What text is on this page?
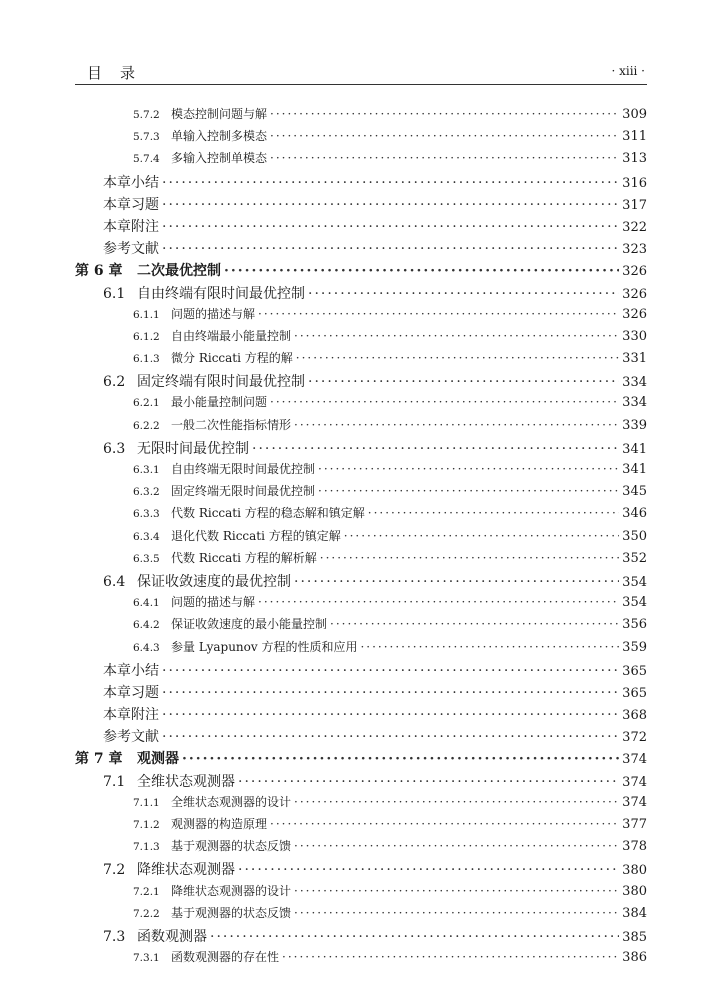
目录	· xiii ·
5.7.2 模态控制问题与解 ·····	309
5.7.3 单输入控制多模态 ·····	311
5.7.4 多输入控制单模态 ·····	313
本章小结 ·····	316
本章习题 ·····	317
本章附注 ·····	322
参考文献 ·····	323
第 6 章	二次最优控制 ·····	326
6.1 自由终端有限时间最优控制 ·····	326
6.1.1 问题的描述与解 ·····	326
6.1.2 自由终端最小能量控制 ·····	330
6.1.3 微分 Riccati 方程的解 ·····	331
6.2 固定终端有限时间最优控制 ·····	334
6.2.1 最小能量控制问题 ·····	334
6.2.2 一般二次性能指标情形 ·····	339
6.3 无限时间最优控制 ·····	341
6.3.1 自由终端无限时间最优控制 ·····	341
6.3.2 固定终端无限时间最优控制 ·····	345
6.3.3 代数 Riccati 方程的稳态解和镇定解 ·····	346
6.3.4 退化代数 Riccati 方程的镇定解 ·····	350
6.3.5 代数 Riccati 方程的解析解 ·····	352
6.4 保证收敛速度的最优控制 ·····	354
6.4.1 问题的描述与解 ·····	354
6.4.2 保证收敛速度的最小能量控制 ·····	356
6.4.3 参量 Lyapunov 方程的性质和应用 ·····	359
本章小结 ·····	365
本章习题 ·····	365
本章附注 ·····	368
参考文献 ·····	372
第 7 章	观测器 ·····	374
7.1 全维状态观测器 ·····	374
7.1.1 全维状态观测器的设计 ·····	374
7.1.2 观测器的构造原理 ·····	377
7.1.3 基于观测器的状态反馈 ·····	378
7.2 降维状态观测器 ·····	380
7.2.1 降维状态观测器的设计 ·····	380
7.2.2 基于观测器的状态反馈 ·····	384
7.3 函数观测器 ·····	385
7.3.1 函数观测器的存在性 ·····	386
